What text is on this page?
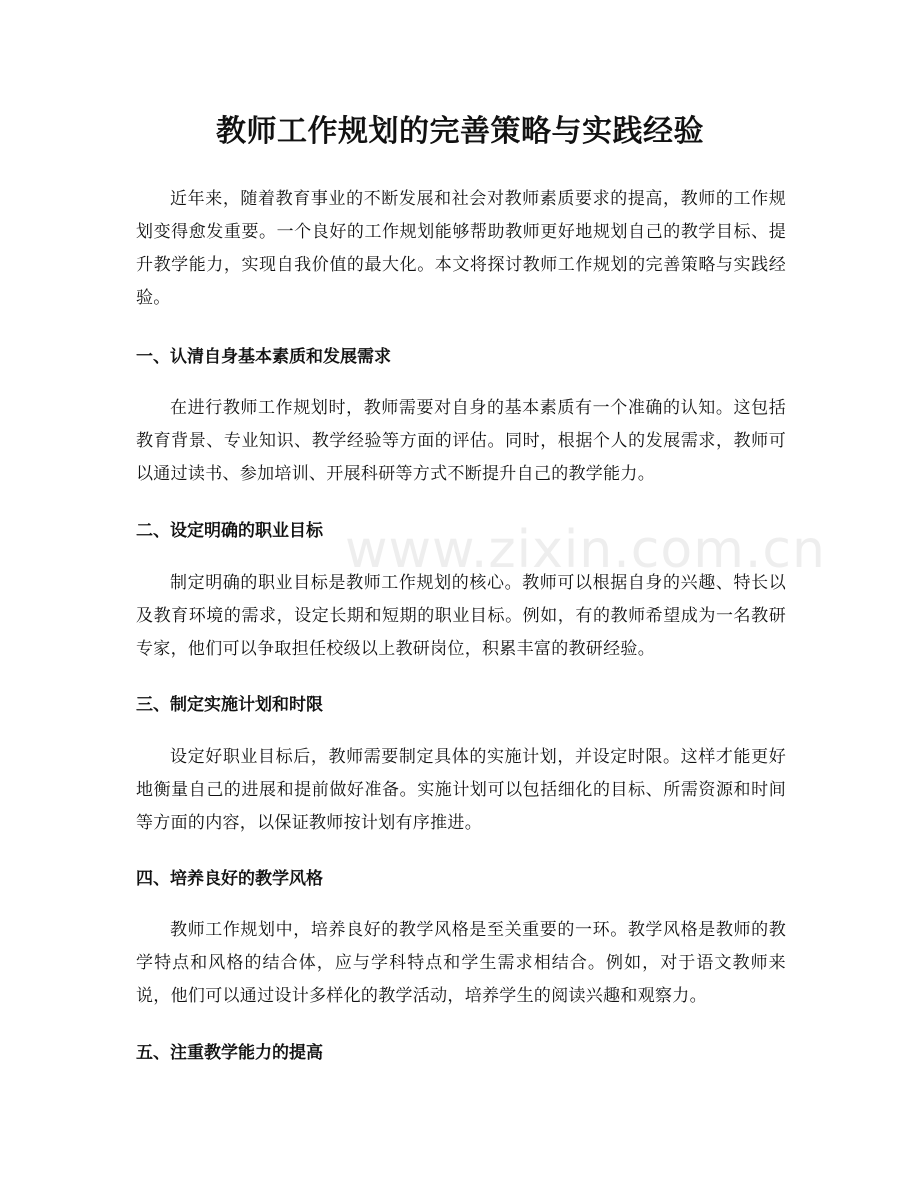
www.zixin.com.cn
教师工作规划的完善策略与实践经验
近年来，随着教育事业的不断发展和社会对教师素质要求的提高，教师的工作规划变得愈发重要。一个良好的工作规划能够帮助教师更好地规划自己的教学目标、提升教学能力，实现自我价值的最大化。本文将探讨教师工作规划的完善策略与实践经验。
一、认清自身基本素质和发展需求
在进行教师工作规划时，教师需要对自身的基本素质有一个准确的认知。这包括教育背景、专业知识、教学经验等方面的评估。同时，根据个人的发展需求，教师可以通过读书、参加培训、开展科研等方式不断提升自己的教学能力。
二、设定明确的职业目标
制定明确的职业目标是教师工作规划的核心。教师可以根据自身的兴趣、特长以及教育环境的需求，设定长期和短期的职业目标。例如，有的教师希望成为一名教研专家，他们可以争取担任校级以上教研岗位，积累丰富的教研经验。
三、制定实施计划和时限
设定好职业目标后，教师需要制定具体的实施计划，并设定时限。这样才能更好地衡量自己的进展和提前做好准备。实施计划可以包括细化的目标、所需资源和时间等方面的内容，以保证教师按计划有序推进。
四、培养良好的教学风格
教师工作规划中，培养良好的教学风格是至关重要的一环。教学风格是教师的教学特点和风格的结合体，应与学科特点和学生需求相结合。例如，对于语文教师来说，他们可以通过设计多样化的教学活动，培养学生的阅读兴趣和观察力。
五、注重教学能力的提高
